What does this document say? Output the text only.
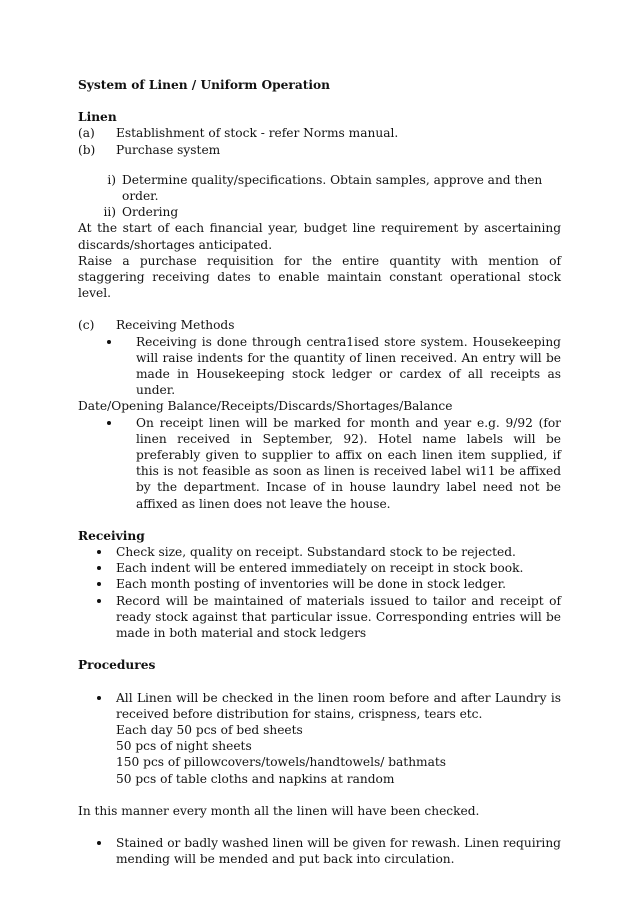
System of Linen / Uniform Operation
Linen
(a)	Establishment of stock - refer Norms manual.
(b)	Purchase system
i) Determine quality/specifications. Obtain samples, approve and then order.
ii) Ordering
At the start of each financial year, budget line requirement by ascertaining discards/shortages anticipated.
Raise a purchase requisition for the entire quantity with mention of staggering receiving dates to enable maintain constant operational stock level.
(c)	Receiving Methods
Receiving is done through centra1ised store system. Housekeeping will raise indents for the quantity of linen received. An entry will be made in Housekeeping stock ledger or cardex of all receipts as under.
Date/Opening Balance/Receipts/Discards/Shortages/Balance
On receipt linen will be marked for month and year e.g. 9/92 (for linen received in September, 92). Hotel name labels will be preferably given to supplier to affix on each linen item supplied, if this is not feasible as soon as linen is received label wi11 be affixed by the department. Incase of in house laundry label need not be affixed as linen does not leave the house.
Receiving
Check size, quality on receipt. Substandard stock to be rejected.
Each indent will be entered immediately on receipt in stock book.
Each month posting of inventories will be done in stock ledger.
Record will be maintained of materials issued to tailor and receipt of ready stock against that particular issue. Corresponding entries will be made in both material and stock ledgers
Procedures
All Linen will be checked in the linen room before and after Laundry is received before distribution for stains, crispness, tears etc.
Each day 50 pcs of bed sheets
50 pcs of night sheets
150 pcs of pillowcovers/towels/handtowels/ bathmats
50 pcs of table cloths and napkins at random
In this manner every month all the linen will have been checked.
Stained or badly washed linen will be given for rewash. Linen requiring mending will be mended and put back into circulation.
